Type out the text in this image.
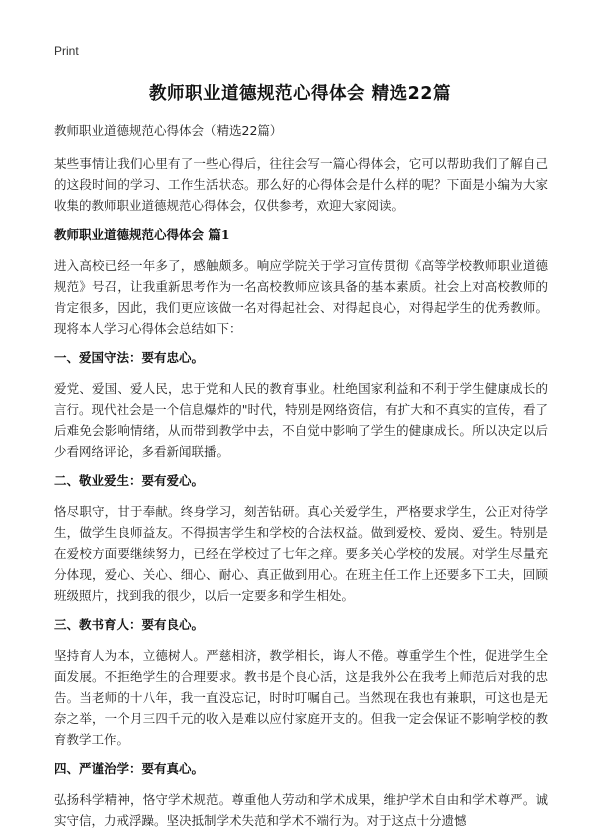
Print
教师职业道德规范心得体会 精选22篇
教师职业道德规范心得体会（精选22篇）

某些事情让我们心里有了一些心得后，往往会写一篇心得体会，它可以帮助我们了解自己的这段时间的学习、工作生活状态。那么好的心得体会是什么样的呢？下面是小编为大家收集的教师职业道德规范心得体会，仅供参考，欢迎大家阅读。

教师职业道德规范心得体会 篇1

进入高校已经一年多了，感触颇多。响应学院关于学习宣传贯彻《高等学校教师职业道德规范》号召，让我重新思考作为一名高校教师应该具备的基本素质。社会上对高校教师的肯定很多，因此，我们更应该做一名对得起社会、对得起良心，对得起学生的优秀教师。现将本人学习心得体会总结如下：

一、爱国守法：要有忠心。

爱党、爱国、爱人民，忠于党和人民的教育事业。杜绝国家利益和不利于学生健康成长的言行。现代社会是一个信息爆炸的"时代，特别是网络资信，有扩大和不真实的宣传，看了后难免会影响情绪，从而带到教学中去，不自觉中影响了学生的健康成长。所以决定以后少看网络评论，多看新闻联播。

二、敬业爱生：要有爱心。

恪尽职守，甘于奉献。终身学习，刻苦钻研。真心关爱学生，严格要求学生，公正对待学生，做学生良师益友。不得损害学生和学校的合法权益。做到爱校、爱岗、爱生。特别是在爱校方面要继续努力，已经在学校过了七年之痒。要多关心学校的发展。对学生尽量充分体现，爱心、关心、细心、耐心、真正做到用心。在班主任工作上还要多下工夫，回顾班级照片，找到我的很少，以后一定要多和学生相处。

三、教书育人：要有良心。

坚持育人为本，立德树人。严慈相济，教学相长，诲人不倦。尊重学生个性，促进学生全面发展。不拒绝学生的合理要求。教书是个良心活，这是我外公在我考上师范后对我的忠告。当老师的十八年，我一直没忘记，时时叮嘱自己。当然现在我也有兼职，可这也是无奈之举，一个月三四千元的收入是难以应付家庭开支的。但我一定会保证不影响学校的教育教学工作。

四、严谨治学：要有真心。

弘扬科学精神，恪守学术规范。尊重他人劳动和学术成果，维护学术自由和学术尊严。诚实守信，力戒浮躁。坚决抵制学术失范和学术不端行为。对于这点十分遗憾
